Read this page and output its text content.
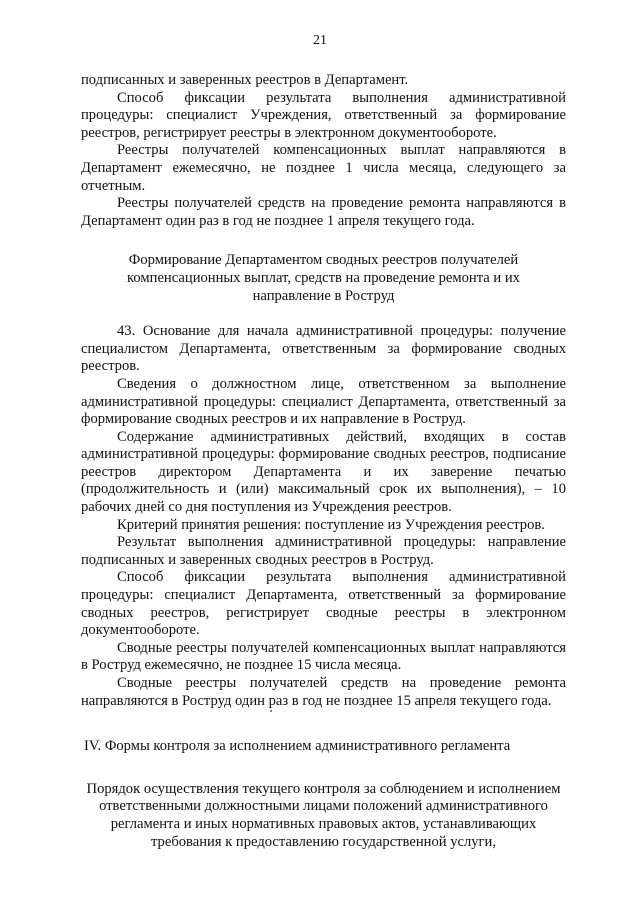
21

подписанных и заверенных реестров в Департамент.

Способ фиксации результата выполнения административной процедуры: специалист Учреждения, ответственный за формирование реестров, регистрирует реестры в электронном документообороте.

Реестры получателей компенсационных выплат направляются в Департамент ежемесячно, не позднее 1 числа месяца, следующего за отчетным.

Реестры получателей средств на проведение ремонта направляются в Департамент один раз в год не позднее 1 апреля текущего года.

Формирование Департаментом сводных реестров получателей компенсационных выплат, средств на проведение ремонта и их направление в Роструд

43. Основание для начала административной процедуры: получение специалистом Департамента, ответственным за формирование сводных реестров.

Сведения о должностном лице, ответственном за выполнение административной процедуры: специалист Департамента, ответственный за формирование сводных реестров и их направление в Роструд.

Содержание административных действий, входящих в состав административной процедуры: формирование сводных реестров, подписание реестров директором Департамента и их заверение печатью (продолжительность и (или) максимальный срок их выполнения), – 10 рабочих дней со дня поступления из Учреждения реестров.

Критерий принятия решения: поступление из Учреждения реестров.

Результат выполнения административной процедуры: направление подписанных и заверенных сводных реестров в Роструд.

Способ фиксации результата выполнения административной процедуры: специалист Департамента, ответственный за формирование сводных реестров, регистрирует сводные реестры в электронном документообороте.

Сводные реестры получателей компенсационных выплат направляются в Роструд ежемесячно, не позднее 15 числа месяца.

Сводные реестры получателей средств на проведение ремонта направляются в Роструд один раз в год не позднее 15 апреля текущего года.

IV. Формы контроля за исполнением административного регламента

Порядок осуществления текущего контроля за соблюдением и исполнением ответственными должностными лицами положений административного регламента и иных нормативных правовых актов, устанавливающих требования к предоставлению государственной услуги,
